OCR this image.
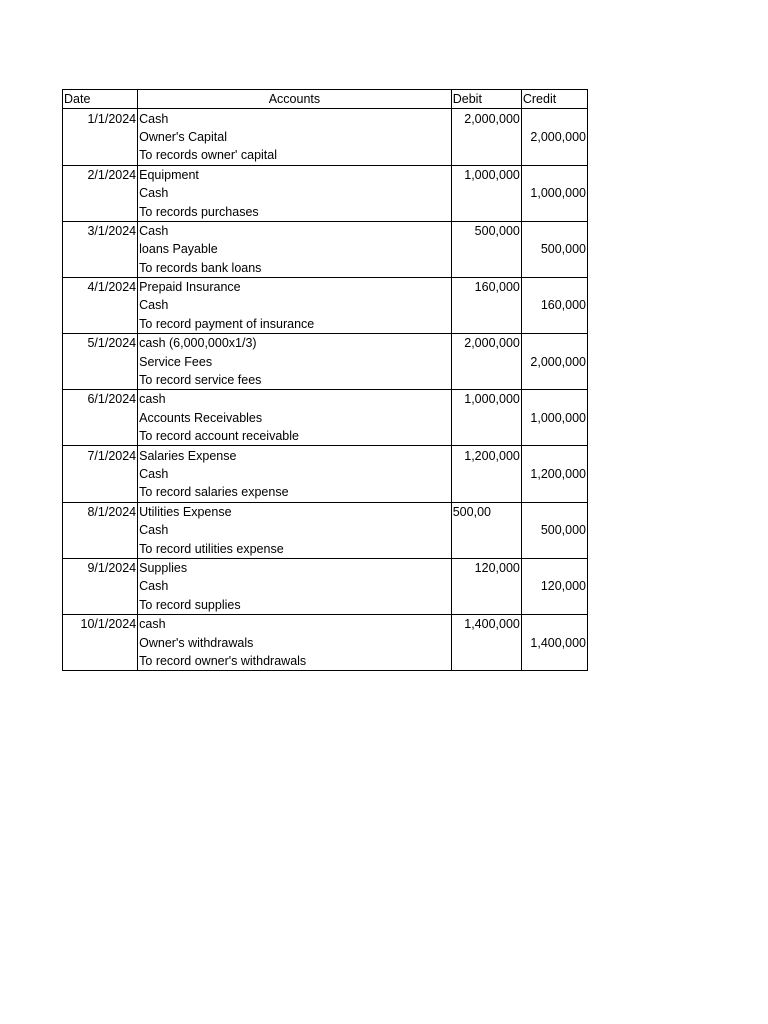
Date	Accounts	Debit	Credit
1/1/2024	Cash	2,000,000	
	Owner's Capital		2,000,000
	To records owner' capital		
2/1/2024	Equipment	1,000,000	
	Cash		1,000,000
	To records purchases		
3/1/2024	Cash	500,000	
	loans Payable		500,000
	To records bank loans		
4/1/2024	Prepaid Insurance	160,000	
	Cash		160,000
	To record payment of insurance		
5/1/2024	cash (6,000,000x1/3)	2,000,000	
	Service Fees		2,000,000
	To record service fees		
6/1/2024	cash	1,000,000	
	Accounts Receivables		1,000,000
	To record account receivable		
7/1/2024	Salaries Expense	1,200,000	
	Cash		1,200,000
	To record salaries expense		
8/1/2024	Utilities Expense	500,00	
	Cash		500,000
	To record utilities expense		
9/1/2024	Supplies	120,000	
	Cash		120,000
	To record supplies		
10/1/2024	cash	1,400,000	
	Owner's withdrawals		1,400,000
	To record owner's withdrawals		
